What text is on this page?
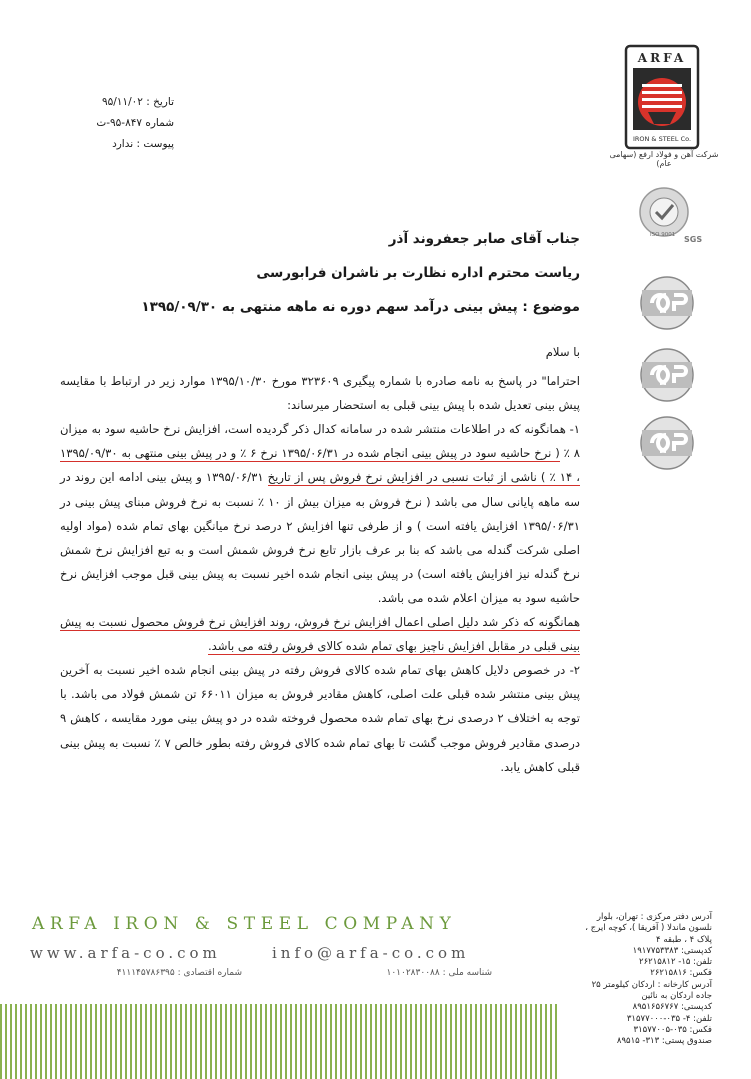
تاریخ : ۹۵/۱۱/۰۲
شماره ۸۴۷-۹۵-ت
پیوست : ندارد
ARFA
IRON & STEEL Co.
شرکت آهن و فولاد ارفع (سهامی عام)
ISO 9001 SGS
جناب آقای صابر جعفروند آذر
ریاست محترم اداره نظارت بر ناشران فرابورسی
موضوع : پیش بینی درآمد سهم دوره نه ماهه منتهی به ۱۳۹۵/۰۹/۳۰

با سلام

احتراما" در پاسخ به نامه صادره با شماره پیگیری ۳۲۳۶۰۹ مورخ ۱۳۹۵/۱۰/۳۰ موارد زیر در ارتباط با مقایسه پیش بینی تعدیل شده با پیش بینی قبلی به استحضار میرساند:

۱- همانگونه که در اطلاعات منتشر شده در سامانه کدال ذکر گردیده است، افزایش نرخ حاشیه سود به میزان ۸ ٪ ( نرخ حاشیه سود در پیش بینی انجام شده در ۱۳۹۵/۰۶/۳۱ نرخ ۶ ٪ و در پیش بینی منتهی به ۱۳۹۵/۰۹/۳۰ ، ۱۴ ٪ ) ناشی از ثبات نسبی در افزایش نرخ فروش پس از تاریخ ۱۳۹۵/۰۶/۳۱ و پیش بینی ادامه این روند در سه ماهه پایانی سال می باشد ( نرخ فروش به میزان بیش از ۱۰ ٪ نسبت به نرخ فروش مبنای پیش بینی در ۱۳۹۵/۰۶/۳۱ افزایش یافته است ) و از طرفی تنها افزایش ۲ درصد نرخ میانگین بهای تمام شده (مواد اولیه اصلی شرکت گندله می باشد که بنا بر عرف بازار تابع نرخ فروش شمش است و به تبع افزایش نرخ شمش نرخ گندله نیز افزایش یافته است) در پیش بینی انجام شده اخیر نسبت به پیش بینی قبل موجب افزایش نرخ حاشیه سود به میزان اعلام شده می باشد.

همانگونه که ذکر شد دلیل اصلی اعمال افزایش نرخ فروش، روند افزایش نرخ فروش محصول نسبت به پیش بینی قبلی در مقابل افزایش ناچیز بهای تمام شده کالای فروش رفته می باشد.

۲- در خصوص دلایل کاهش بهای تمام شده کالای فروش رفته در پیش بینی انجام شده اخیر نسبت به آخرین پیش بینی منتشر شده قبلی علت اصلی، کاهش مقادیر فروش به میزان ۶۶۰۱۱ تن شمش فولاد می باشد. با توجه به اختلاف ۲ درصدی نرخ بهای تمام شده محصول فروخته شده در دو پیش بینی مورد مقایسه ، کاهش ۹ درصدی مقادیر فروش موجب گشت تا بهای تمام شده کالای فروش رفته بطور خالص ۷ ٪ نسبت به پیش بینی قبلی کاهش یابد.

ARFA IRON & STEEL COMPANY
www.arfa-co.com	info@arfa-co.com
شماره اقتصادی : ۴۱۱۱۴۵۷۸۶۳۹۵	شناسه ملی : ۱۰۱۰۲۸۳۰۰۸۸
آدرس دفتر مرکزی : تهران، بلوار
نلسون ماندلا ( آفریقا )، کوچه ایرج ،
پلاک ۴ ، طبقه ۴
کدپستی: ۱۹۱۷۷۵۳۳۸۳
تلفن: ۱۵- ۲۶۲۱۵۸۱۲
فکس: ۲۶۲۱۵۸۱۶
آدرس کارخانه : اردکان کیلومتر ۲۵
جاده اردکان به نائین
کدپستی: ۸۹۵۱۶۵۶۷۶۷
تلفن: ۴- ۰۳۵-۳۱۵۷۷۰۰۰
فکس: ۰۳۵-۳۱۵۷۷۰۰۵
صندوق پستی: ۳۱۳- ۸۹۵۱۵
